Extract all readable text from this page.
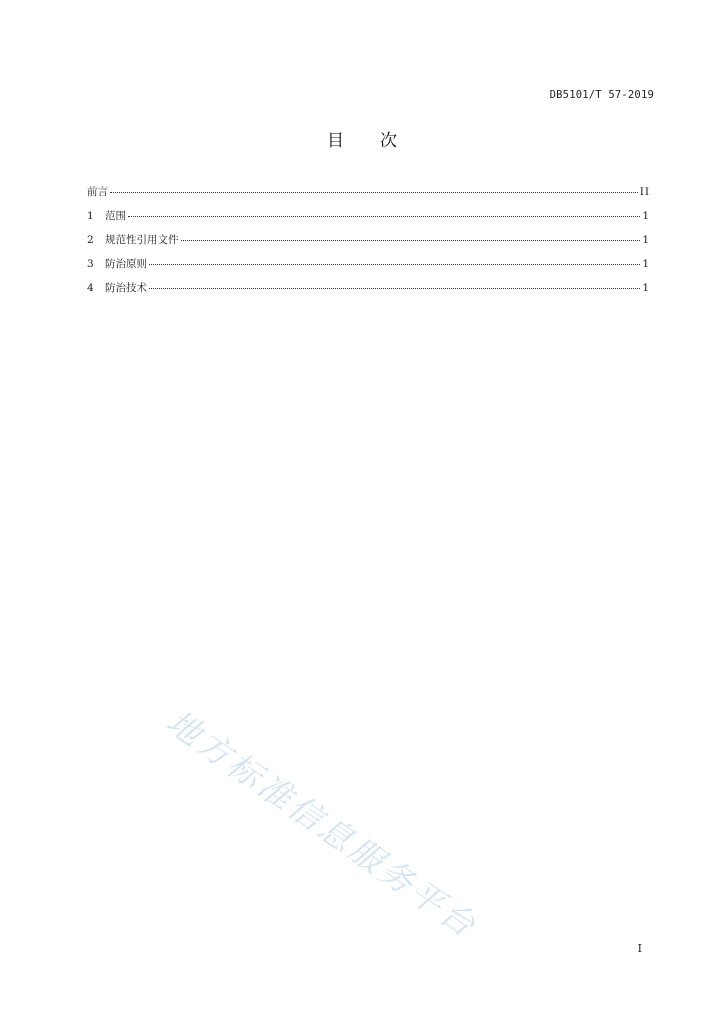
DB5101/T 57-2019
目 次
前言	II
1	范围	1
2	规范性引用文件	1
3	防治原则	1
4	防治技术	1
地方标准信息服务平台
I
